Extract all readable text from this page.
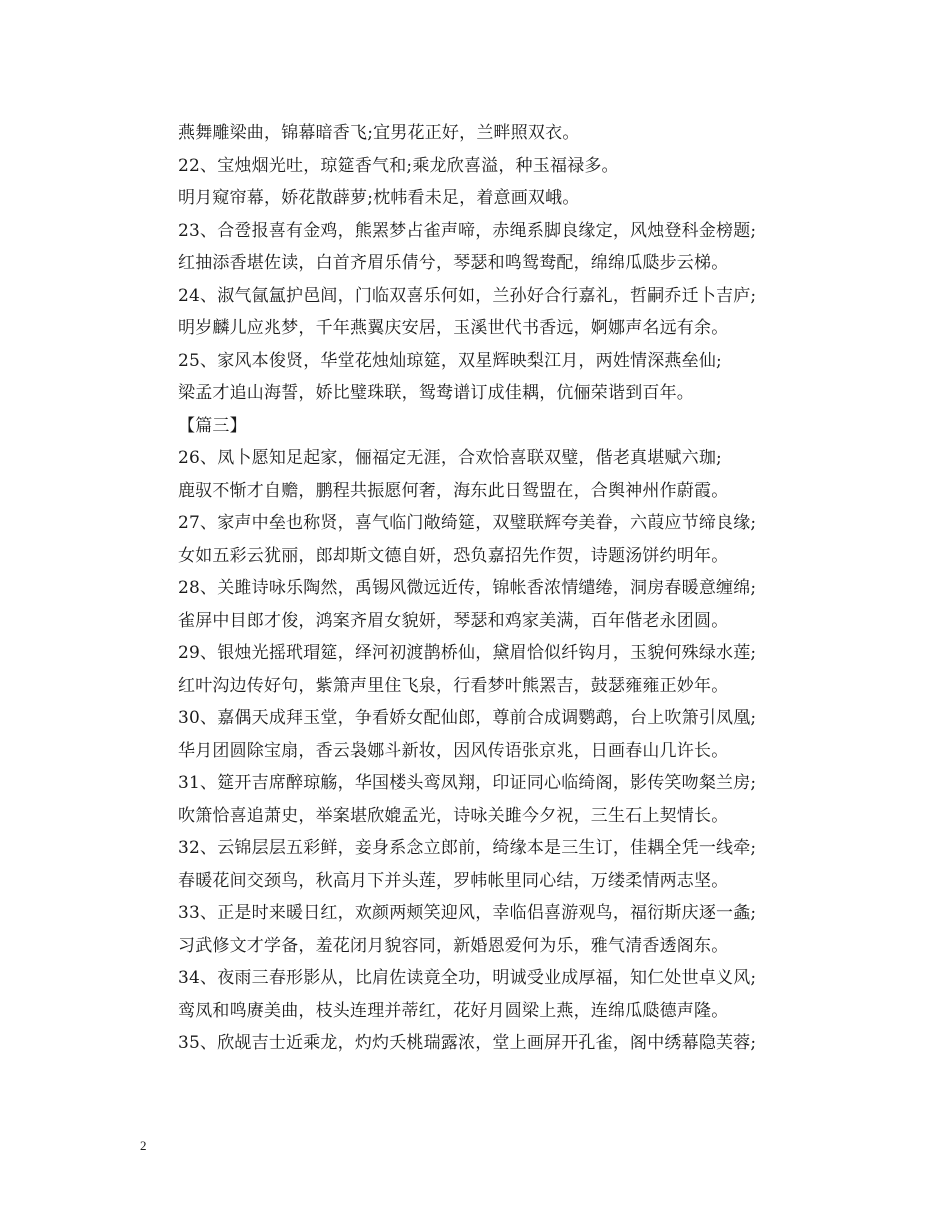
燕舞雕梁曲，锦幕暗香飞;宜男花正好，兰畔照双衣。
22、宝烛烟光吐，琼筵香气和;乘龙欣喜溢，种玉福禄多。
明月窥帘幕，娇花散薜萝;枕帏看未足，着意画双峨。
23、合卺报喜有金鸡，熊罴梦占雀声啼，赤绳系脚良缘定，风烛登科金榜题;
红抽添香堪佐读，白首齐眉乐倩兮，琴瑟和鸣鸳鸯配，绵绵瓜瓞步云梯。
24、淑气氤氲护邑闾，门临双喜乐何如，兰孙好合行嘉礼，哲嗣乔迁卜吉庐;
明岁麟儿应兆梦，千年燕翼庆安居，玉溪世代书香远，婀娜声名远有余。
25、家风本俊贤，华堂花烛灿琼筵，双星辉映梨江月，两姓情深燕垒仙;
梁孟才追山海誓，娇比璧珠联，鸳鸯谱订成佳耦，伉俪荣谐到百年。
【篇三】
26、凤卜愿知足起家，俪福定无涯，合欢恰喜联双璧，偕老真堪赋六珈;
鹿驭不惭才自赡，鹏程共振愿何奢，海东此日鸳盟在，合舆神州作蔚霞。
27、家声中垒也称贤，喜气临门敞绮筵，双璧联辉夸美眷，六葭应节缔良缘;
女如五彩云犹丽，郎却斯文德自妍，恐负嘉招先作贺，诗题汤饼约明年。
28、关雎诗咏乐陶然，禹锡风微远近传，锦帐香浓情缱绻，洞房春暖意缠绵;
雀屏中目郎才俊，鸿案齐眉女貌妍，琴瑟和鸡家美满，百年偕老永团圆。
29、银烛光摇玳瑁筵，绎河初渡鹊桥仙，黛眉恰似纤钩月，玉貌何殊绿水莲;
红叶沟边传好句，紫箫声里住飞泉，行看梦叶熊罴吉，鼓瑟雍雍正妙年。
30、嘉偶天成拜玉堂，争看娇女配仙郎，尊前合成调鹦鹉，台上吹箫引凤凰;
华月团圆除宝扇，香云袅娜斗新妆，因风传语张京兆，日画春山几许长。
31、筵开吉席醉琼觞，华国楼头鸾凤翔，印证同心临绮阁，影传笑吻粲兰房;
吹箫恰喜追萧史，举案堪欣媲孟光，诗咏关雎今夕祝，三生石上契情长。
32、云锦层层五彩鲜，妾身系念立郎前，绮缘本是三生订，佳耦全凭一线牵;
春暖花间交颈鸟，秋高月下并头莲，罗帏帐里同心结，万缕柔情两志坚。
33、正是时来暖日红，欢颜两颊笑迎风，幸临侣喜游观鸟，福衍斯庆逐一螽;
习武修文才学备，羞花闭月貌容同，新婚恩爱何为乐，雅气清香透阁东。
34、夜雨三春形影从，比肩佐读竟全功，明诚受业成厚福，知仁处世卓义风;
鸾凤和鸣赓美曲，枝头连理并蒂红，花好月圆梁上燕，连绵瓜瓞德声隆。
35、欣觇吉士近乘龙，灼灼夭桃瑞露浓，堂上画屏开孔雀，阁中绣幕隐芙蓉;
2
